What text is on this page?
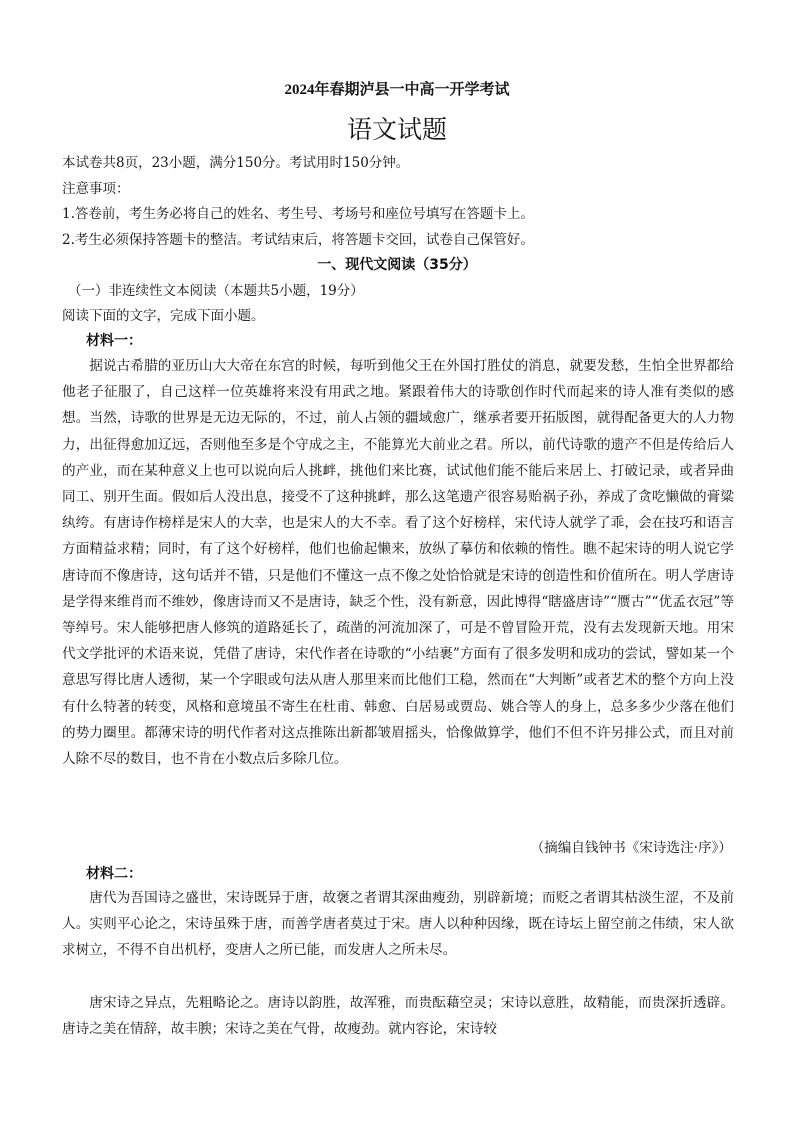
2024年春期泸县一中高一开学考试
语文试题
本试卷共8页，23小题，满分150分。考试用时150分钟。
注意事项：
1.答卷前，考生务必将自己的姓名、考生号、考场号和座位号填写在答题卡上。
2.考生必须保持答题卡的整洁。考试结束后，将答题卡交回，试卷自己保管好。
一、现代文阅读（35分）
（一）非连续性文本阅读（本题共5小题，19分）
阅读下面的文字，完成下面小题。
材料一：
据说古希腊的亚历山大大帝在东宫的时候，每听到他父王在外国打胜仗的消息，就要发愁，生怕全世界都给他老子征服了，自己这样一位英雄将来没有用武之地。紧跟着伟大的诗歌创作时代而起来的诗人准有类似的感想。当然，诗歌的世界是无边无际的，不过，前人占领的疆域愈广，继承者要开拓版图，就得配备更大的人力物力，出征得愈加辽远，否则他至多是个守成之主，不能算光大前业之君。所以，前代诗歌的遗产不但是传给后人的产业，而在某种意义上也可以说向后人挑衅，挑他们来比赛，试试他们能不能后来居上、打破记录，或者异曲同工、别开生面。假如后人没出息，接受不了这种挑衅，那么这笔遗产很容易贻祸子孙，养成了贪吃懒做的膏粱纨绔。有唐诗作榜样是宋人的大幸，也是宋人的大不幸。看了这个好榜样，宋代诗人就学了乖，会在技巧和语言方面精益求精；同时，有了这个好榜样，他们也偷起懒来，放纵了摹仿和依赖的惰性。瞧不起宋诗的明人说它学唐诗而不像唐诗，这句话并不错，只是他们不懂这一点不像之处恰恰就是宋诗的创造性和价值所在。明人学唐诗是学得来维肖而不维妙，像唐诗而又不是唐诗，缺乏个性，没有新意，因此博得“瞎盛唐诗”“赝古”“优孟衣冠”等等绰号。宋人能够把唐人修筑的道路延长了，疏凿的河流加深了，可是不曾冒险开荒，没有去发现新天地。用宋代文学批评的术语来说，凭借了唐诗，宋代作者在诗歌的“小结裹”方面有了很多发明和成功的尝试，譬如某一个意思写得比唐人透彻，某一个字眼或句法从唐人那里来而比他们工稳，然而在“大判断”或者艺术的整个方向上没有什么特著的转变，风格和意境虽不寄生在杜甫、韩愈、白居易或贾岛、姚合等人的身上，总多多少少落在他们的势力圈里。都薄宋诗的明代作者对这点推陈出新都皱眉摇头，恰像做算学，他们不但不许另排公式，而且对前人除不尽的数目，也不肯在小数点后多除几位。
（摘编自钱钟书《宋诗选注·序》）
材料二：
唐代为吾国诗之盛世，宋诗既异于唐，故褒之者谓其深曲瘦劲，别辟新境；而贬之者谓其枯淡生涩，不及前人。实则平心论之，宋诗虽殊于唐，而善学唐者莫过于宋。唐人以种种因缘，既在诗坛上留空前之伟绩，宋人欲求树立，不得不自出机杼，变唐人之所已能，而发唐人之所未尽。
唐宋诗之异点，先粗略论之。唐诗以韵胜，故浑雅，而贵酝藉空灵；宋诗以意胜，故精能，而贵深折透辟。唐诗之美在情辞，故丰腴；宋诗之美在气骨，故瘦劲。就内容论，宋诗较
